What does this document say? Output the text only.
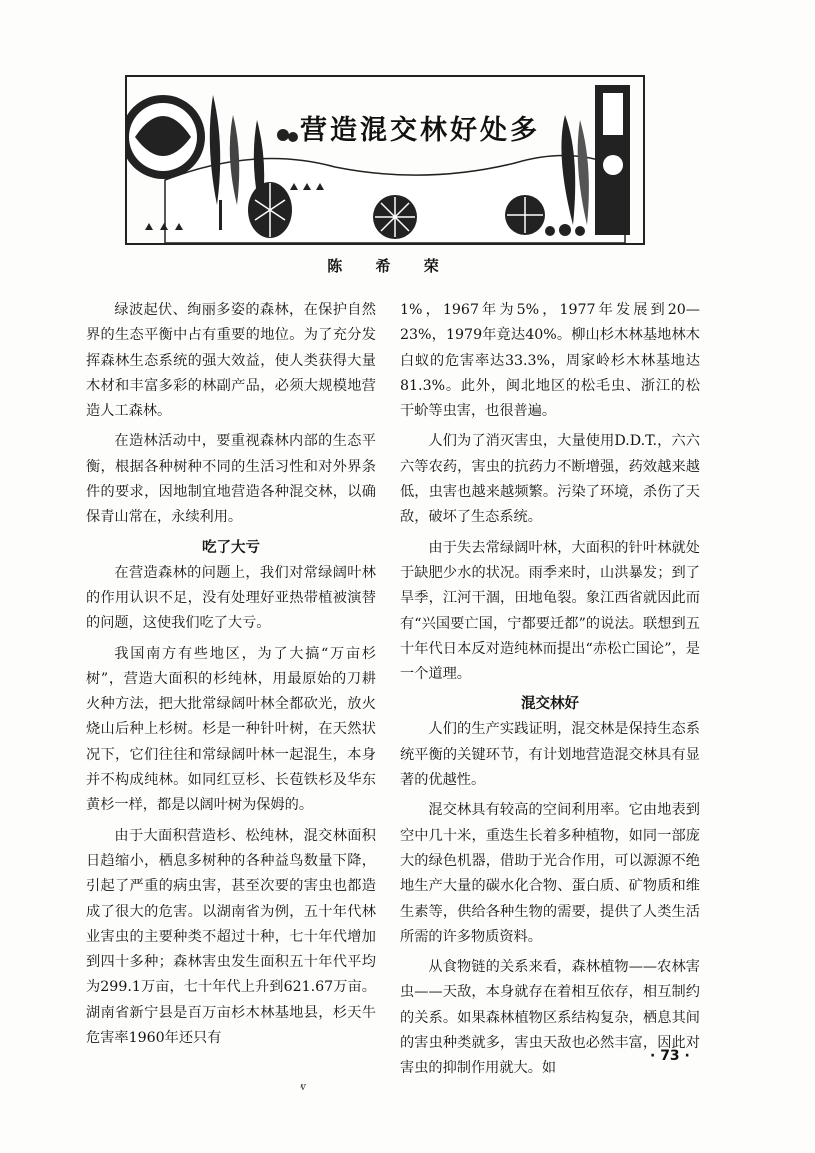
营造混交林好处多
陈 希 荣

绿波起伏、绚丽多姿的森林，在保护自然界的生态平衡中占有重要的地位。为了充分发挥森林生态系统的强大效益，使人类获得大量木材和丰富多彩的林副产品，必须大规模地营造人工森林。

在造林活动中，要重视森林内部的生态平衡，根据各种树种不同的生活习性和对外界条件的要求，因地制宜地营造各种混交林，以确保青山常在，永续利用。

吃了大亏

在营造森林的问题上，我们对常绿阔叶林的作用认识不足，没有处理好亚热带植被演替的问题，这使我们吃了大亏。

我国南方有些地区，为了大搞“万亩杉树”，营造大面积的杉纯林，用最原始的刀耕火种方法，把大批常绿阔叶林全都砍光，放火烧山后种上杉树。杉是一种针叶树，在天然状况下，它们往往和常绿阔叶林一起混生，本身并不构成纯林。如同红豆杉、长苞铁杉及华东黄杉一样，都是以阔叶树为保姆的。

由于大面积营造杉、松纯林，混交林面积日趋缩小，栖息多树种的各种益鸟数量下降，引起了严重的病虫害，甚至次要的害虫也都造成了很大的危害。以湖南省为例，五十年代林业害虫的主要种类不超过十种，七十年代增加到四十多种；森林害虫发生面积五十年代平均为299.1万亩，七十年代上升到621.67万亩。湖南省新宁县是百万亩杉木林基地县，杉天牛危害率1960年还只有

1%，1967年为5%，1977年发展到20—23%，1979年竟达40%。柳山杉木林基地林木白蚁的危害率达33.3%，周家岭杉木林基地达81.3%。此外，闽北地区的松毛虫、浙江的松干蚧等虫害，也很普遍。

人们为了消灭害虫，大量使用D.D.T.，六六六等农药，害虫的抗药力不断增强，药效越来越低，虫害也越来越频繁。污染了环境，杀伤了天敌，破坏了生态系统。

由于失去常绿阔叶林，大面积的针叶林就处于缺肥少水的状况。雨季来时，山洪暴发；到了旱季，江河干涸，田地龟裂。象江西省就因此而有“兴国要亡国，宁都要迁都”的说法。联想到五十年代日本反对造纯林而提出“赤松亡国论”，是一个道理。

混交林好

人们的生产实践证明，混交林是保持生态系统平衡的关键环节，有计划地营造混交林具有显著的优越性。

混交林具有较高的空间利用率。它由地表到空中几十米，重迭生长着多种植物，如同一部庞大的绿色机器，借助于光合作用，可以源源不绝地生产大量的碳水化合物、蛋白质、矿物质和维生素等，供给各种生物的需要，提供了人类生活所需的许多物质资料。

从食物链的关系来看，森林植物——农林害虫——天敌，本身就存在着相互依存，相互制约的关系。如果森林植物区系结构复杂，栖息其间的害虫种类就多，害虫天敌也必然丰富，因此对害虫的抑制作用就大。如

· 73 ·
ⱴ
